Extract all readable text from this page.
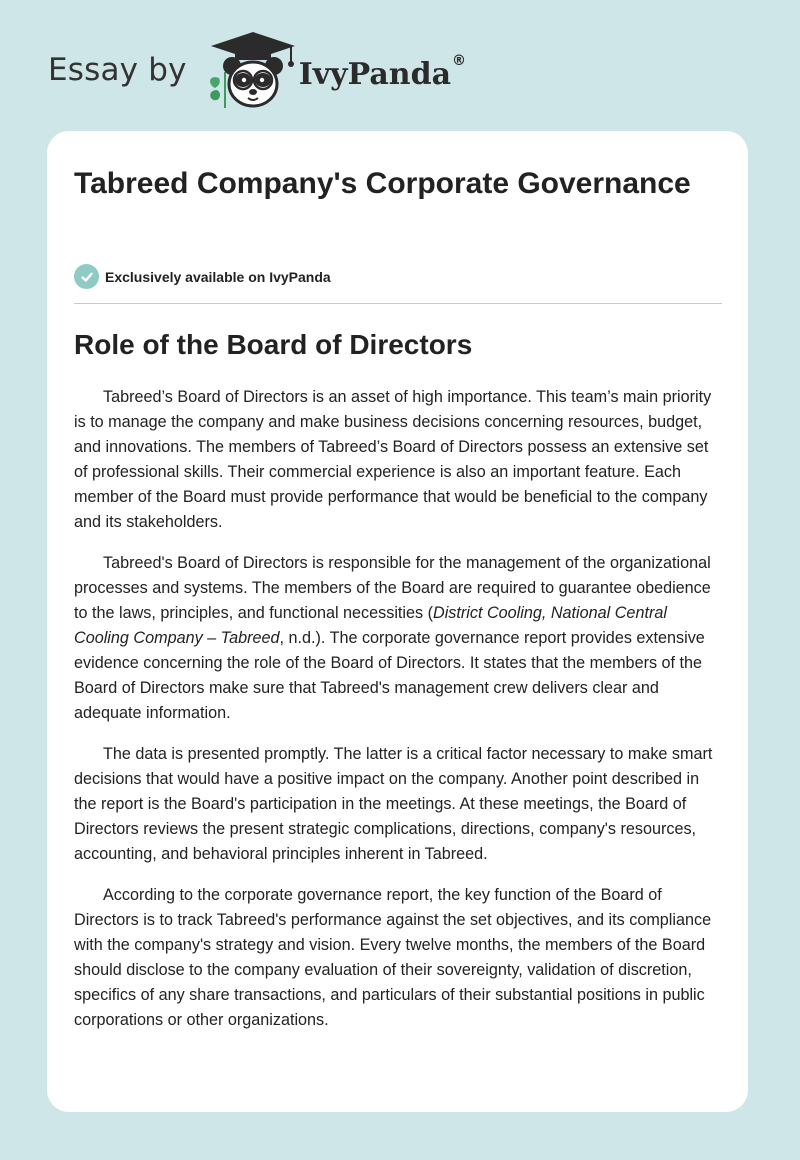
Essay by	IvyPanda®
Tabreed Company's Corporate Governance
Exclusively available on IvyPanda
Role of the Board of Directors

Tabreed’s Board of Directors is an asset of high importance. This team’s main priority is to manage the company and make business decisions concerning resources, budget, and innovations. The members of Tabreed’s Board of Directors possess an extensive set of professional skills. Their commercial experience is also an important feature. Each member of the Board must provide performance that would be beneficial to the company and its stakeholders.

Tabreed's Board of Directors is responsible for the management of the organizational processes and systems. The members of the Board are required to guarantee obedience to the laws, principles, and functional necessities (District Cooling, National Central Cooling Company – Tabreed, n.d.). The corporate governance report provides extensive evidence concerning the role of the Board of Directors. It states that the members of the Board of Directors make sure that Tabreed's management crew delivers clear and adequate information.

The data is presented promptly. The latter is a critical factor necessary to make smart decisions that would have a positive impact on the company. Another point described in the report is the Board's participation in the meetings. At these meetings, the Board of Directors reviews the present strategic complications, directions, company's resources, accounting, and behavioral principles inherent in Tabreed.

According to the corporate governance report, the key function of the Board of Directors is to track Tabreed's performance against the set objectives, and its compliance with the company's strategy and vision. Every twelve months, the members of the Board should disclose to the company evaluation of their sovereignty, validation of discretion, specifics of any share transactions, and particulars of their substantial positions in public corporations or other organizations.
